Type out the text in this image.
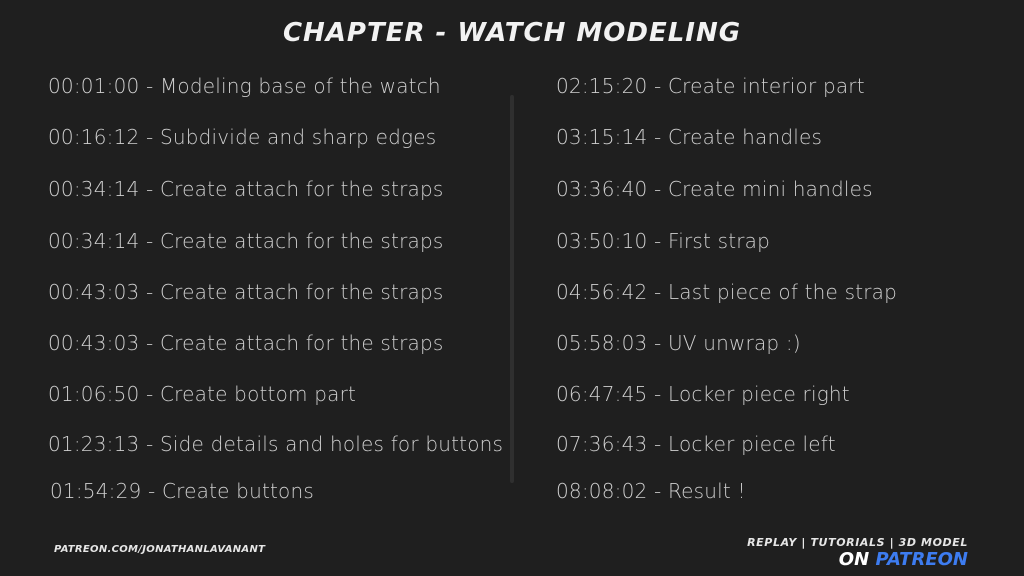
CHAPTER - WATCH MODELING
00:01:00 - Modeling base of the watch
00:16:12 - Subdivide and sharp edges
00:34:14 - Create attach for the straps
00:34:14 - Create attach for the straps
00:43:03 - Create attach for the straps
00:43:03 - Create attach for the straps
01:06:50 - Create bottom part
01:23:13 - Side details and holes for buttons
01:54:29 - Create buttons
02:15:20 - Create interior part
03:15:14 - Create handles
03:36:40 - Create mini handles
03:50:10 - First strap
04:56:42 - Last piece of the strap
05:58:03 - UV unwrap :)
06:47:45 - Locker piece right
07:36:43 - Locker piece left
08:08:02 - Result !
PATREON.COM/JONATHANLAVANANT
REPLAY | TUTORIALS | 3D MODEL
ON PATREON
